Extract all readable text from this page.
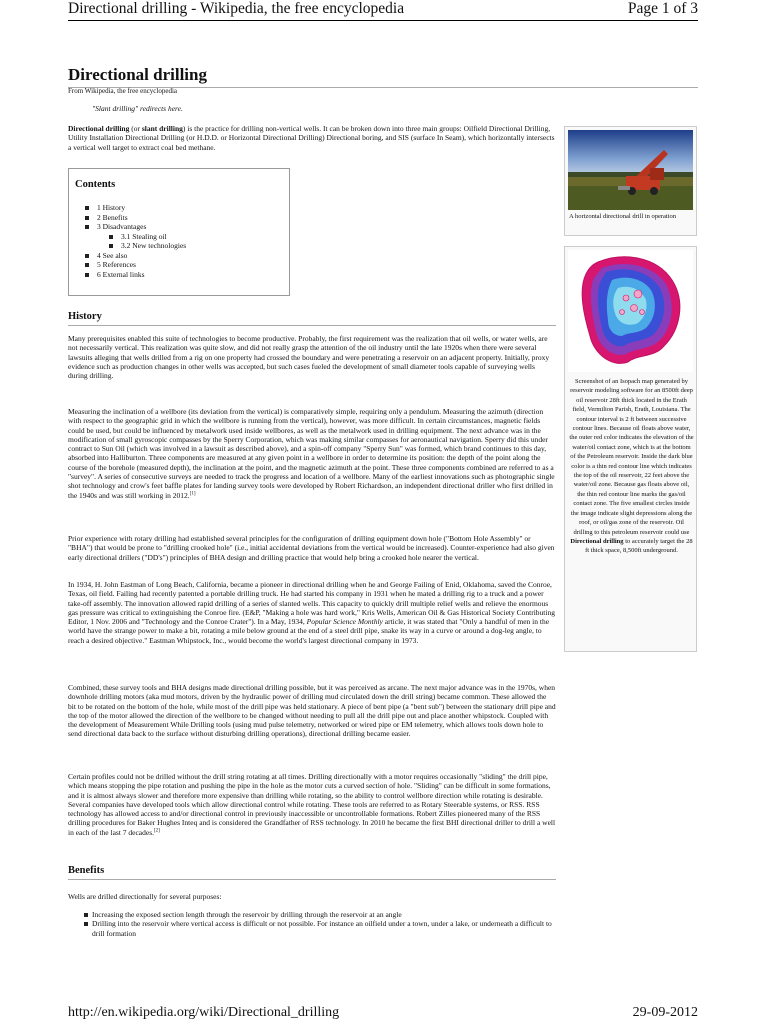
Directional drilling - Wikipedia, the free encyclopedia	Page 1 of 3
Directional drilling
From Wikipedia, the free encyclopedia
"Slant drilling" redirects here.

Directional drilling (or slant drilling) is the practice for drilling non-vertical wells. It can be broken down into three main groups: Oilfield Directional Drilling, Utility Installation Directional Drilling (or H.D.D. or Horizontal Directional Drilling) Directional boring, and SIS (surface In Seam), which horizontally intersects a vertical well target to extract coal bed methane.

Contents
1 History
2 Benefits
3 Disadvantages
3.1 Stealing oil
3.2 New technologies
4 See also
5 References
6 External links
History

Many prerequisites enabled this suite of technologies to become productive. Probably, the first requirement was the realization that oil wells, or water wells, are not necessarily vertical. This realization was quite slow, and did not really grasp the attention of the oil industry until the late 1920s when there were several lawsuits alleging that wells drilled from a rig on one property had crossed the boundary and were penetrating a reservoir on an adjacent property. Initially, proxy evidence such as production changes in other wells was accepted, but such cases fueled the development of small diameter tools capable of surveying wells during drilling.

Measuring the inclination of a wellbore (its deviation from the vertical) is comparatively simple, requiring only a pendulum. Measuring the azimuth (direction with respect to the geographic grid in which the wellbore is running from the vertical), however, was more difficult. In certain circumstances, magnetic fields could be used, but could be influenced by metalwork used inside wellbores, as well as the metalwork used in drilling equipment. The next advance was in the modification of small gyroscopic compasses by the Sperry Corporation, which was making similar compasses for aeronautical navigation. Sperry did this under contract to Sun Oil (which was involved in a lawsuit as described above), and a spin-off company "Sperry Sun" was formed, which brand continues to this day, absorbed into Halliburton. Three components are measured at any given point in a wellbore in order to determine its position: the depth of the point along the course of the borehole (measured depth), the inclination at the point, and the magnetic azimuth at the point. These three components combined are referred to as a "survey". A series of consecutive surveys are needed to track the progress and location of a wellbore. Many of the earliest innovations such as photographic single shot technology and crow's feet baffle plates for landing survey tools were developed by Robert Richardson, an independent directional driller who first drilled in the 1940s and was still working in 2012.[1]

Prior experience with rotary drilling had established several principles for the configuration of drilling equipment down hole ("Bottom Hole Assembly" or "BHA") that would be prone to "drilling crooked hole" (i.e., initial accidental deviations from the vertical would be increased). Counter-experience had also given early directional drillers ("DD's") principles of BHA design and drilling practice that would help bring a crooked hole nearer the vertical.

In 1934, H. John Eastman of Long Beach, California, became a pioneer in directional drilling when he and George Failing of Enid, Oklahoma, saved the Conroe, Texas, oil field. Failing had recently patented a portable drilling truck. He had started his company in 1931 when he mated a drilling rig to a truck and a power take-off assembly. The innovation allowed rapid drilling of a series of slanted wells. This capacity to quickly drill multiple relief wells and relieve the enormous gas pressure was critical to extinguishing the Conroe fire. (E&P, "Making a hole was hard work," Kris Wells, American Oil & Gas Historical Society Contributing Editor, 1 Nov. 2006 and "Technology and the Conroe Crater"). In a May, 1934, Popular Science Monthly article, it was stated that "Only a handful of men in the world have the strange power to make a bit, rotating a mile below ground at the end of a steel drill pipe, snake its way in a curve or around a dog-leg angle, to reach a desired objective." Eastman Whipstock, Inc., would become the world's largest directional company in 1973.

Combined, these survey tools and BHA designs made directional drilling possible, but it was perceived as arcane. The next major advance was in the 1970s, when downhole drilling motors (aka mud motors, driven by the hydraulic power of drilling mud circulated down the drill string) became common. These allowed the bit to be rotated on the bottom of the hole, while most of the drill pipe was held stationary. A piece of bent pipe (a "bent sub") between the stationary drill pipe and the top of the motor allowed the direction of the wellbore to be changed without needing to pull all the drill pipe out and place another whipstock. Coupled with the development of Measurement While Drilling tools (using mud pulse telemetry, networked or wired pipe or EM telemetry, which allows tools down hole to send directional data back to the surface without disturbing drilling operations), directional drilling became easier.

Certain profiles could not be drilled without the drill string rotating at all times. Drilling directionally with a motor requires occasionally "sliding" the drill pipe, which means stopping the pipe rotation and pushing the pipe in the hole as the motor cuts a curved section of hole. "Sliding" can be difficult in some formations, and it is almost always slower and therefore more expensive than drilling while rotating, so the ability to control wellbore direction while rotating is desirable. Several companies have developed tools which allow directional control while rotating. These tools are referred to as Rotary Steerable systems, or RSS. RSS technology has allowed access to and/or directional control in previously inaccessible or uncontrollable formations. Robert Zilles pioneered many of the RSS drilling procedures for Baker Hughes Inteq and is considered the Grandfather of RSS technology. In 2010 he became the first BHI directional driller to drill a well in each of the last 7 decades.[2]

Benefits

Wells are drilled directionally for several purposes:

Increasing the exposed section length through the reservoir by drilling through the reservoir at an angle
Drilling into the reservoir where vertical access is difficult or not possible. For instance an oilfield under a town, under a lake, or underneath a difficult to drill formation
A horizontal directional drill in operation
Screenshot of an Isopach map generated by reservoir modeling software for an 8500ft deep oil reservoir 28ft thick located in the Erath field, Vermilion Parish, Erath, Louisiana. The contour interval is 2 ft between successive contour lines. Because oil floats above water, the outer red color indicates the elevation of the water/oil contact zone, which is at the bottom of the Petroleum reservoir. Inside the dark blue color is a thin red contour line which indicates the top of the oil reservoir, 22 feet above the water/oil zone. Because gas floats above oil, the thin red contour line marks the gas/oil contact zone. The five smallest circles inside the image indicate slight depressions along the roof, or oil/gas zone of the reservoir. Oil drilling to this petroleum reservoir could use Directional drilling to accurately target the 28 ft thick space, 8,500ft underground.
http://en.wikipedia.org/wiki/Directional_drilling	29-09-2012
